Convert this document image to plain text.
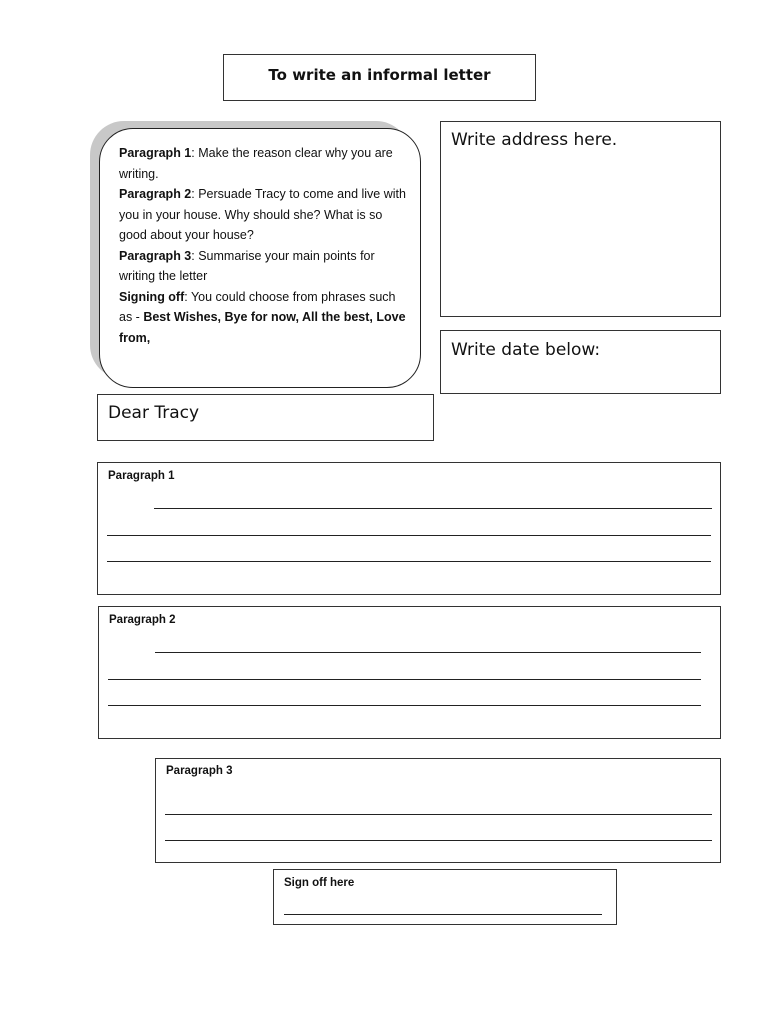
To write an informal letter

Paragraph 1: Make the reason clear why you are writing.

Paragraph 2: Persuade Tracy to come and live with you in your house. Why should she? What is so good about your house?

Paragraph 3: Summarise your main points for writing the letter

Signing off: You could choose from phrases such as - Best Wishes, Bye for now, All the best, Love from,

Write address here.
Write date below:
Dear Tracy
Paragraph 1
Paragraph 2
Paragraph 3
Sign off here
